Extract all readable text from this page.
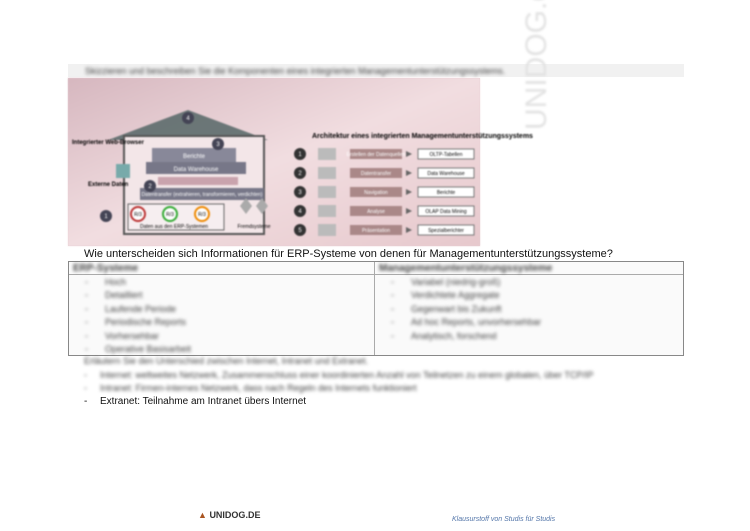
Skizzieren und beschreiben Sie die Komponenten eines integrierten Managementunterstützungssystems.
Berichte
Data Warehouse
Datentransfer (extrahieren, transformieren, verdichten)
R/3	R/3	R/3
Daten aus den ERP-Systemen	Fremdsysteme
4
3
2
1
Integrierter Web-Browser
Externe Daten
Architektur eines integrierten Managementunterstützungssystems
1	Erstellen der Datenquellen	OLTP-Tabellen
2	Datentransfer	Data Warehouse
3	Navigation	Berichte
4	Analyse	OLAP Data Mining
5	Präsentation	Spezialberichter
Wie unterscheiden sich Informationen für ERP-Systeme von denen für Managementunterstützungssysteme?
ERP-Systeme	Managementunterstützungssysteme
- Hoch
- Detailliert
- Laufende Periode
- Periodische Reports
- Vorhersehbar
- Operative Basisarbeit
- Variabel (niedrig-groß)
- Verdichtete Aggregate
- Gegenwart bis Zukunft
- Ad hoc Reports, unvorhersehbar
- Analytisch, forschend
Erläutern Sie den Unterschied zwischen Internet, Intranet und Extranet.
- Internet: weltweites Netzwerk, Zusammenschluss einer koordinierten Anzahl von Teilnetzen zu einem globalen, über TCP/IP
- Intranet: Firmen-internes Netzwerk, dass nach Regeln des Internets funktioniert
- Extranet: Teilnahme am Intranet übers Internet
▲ UNIDOG.DE	Klausurstoff von Studis für Studis
